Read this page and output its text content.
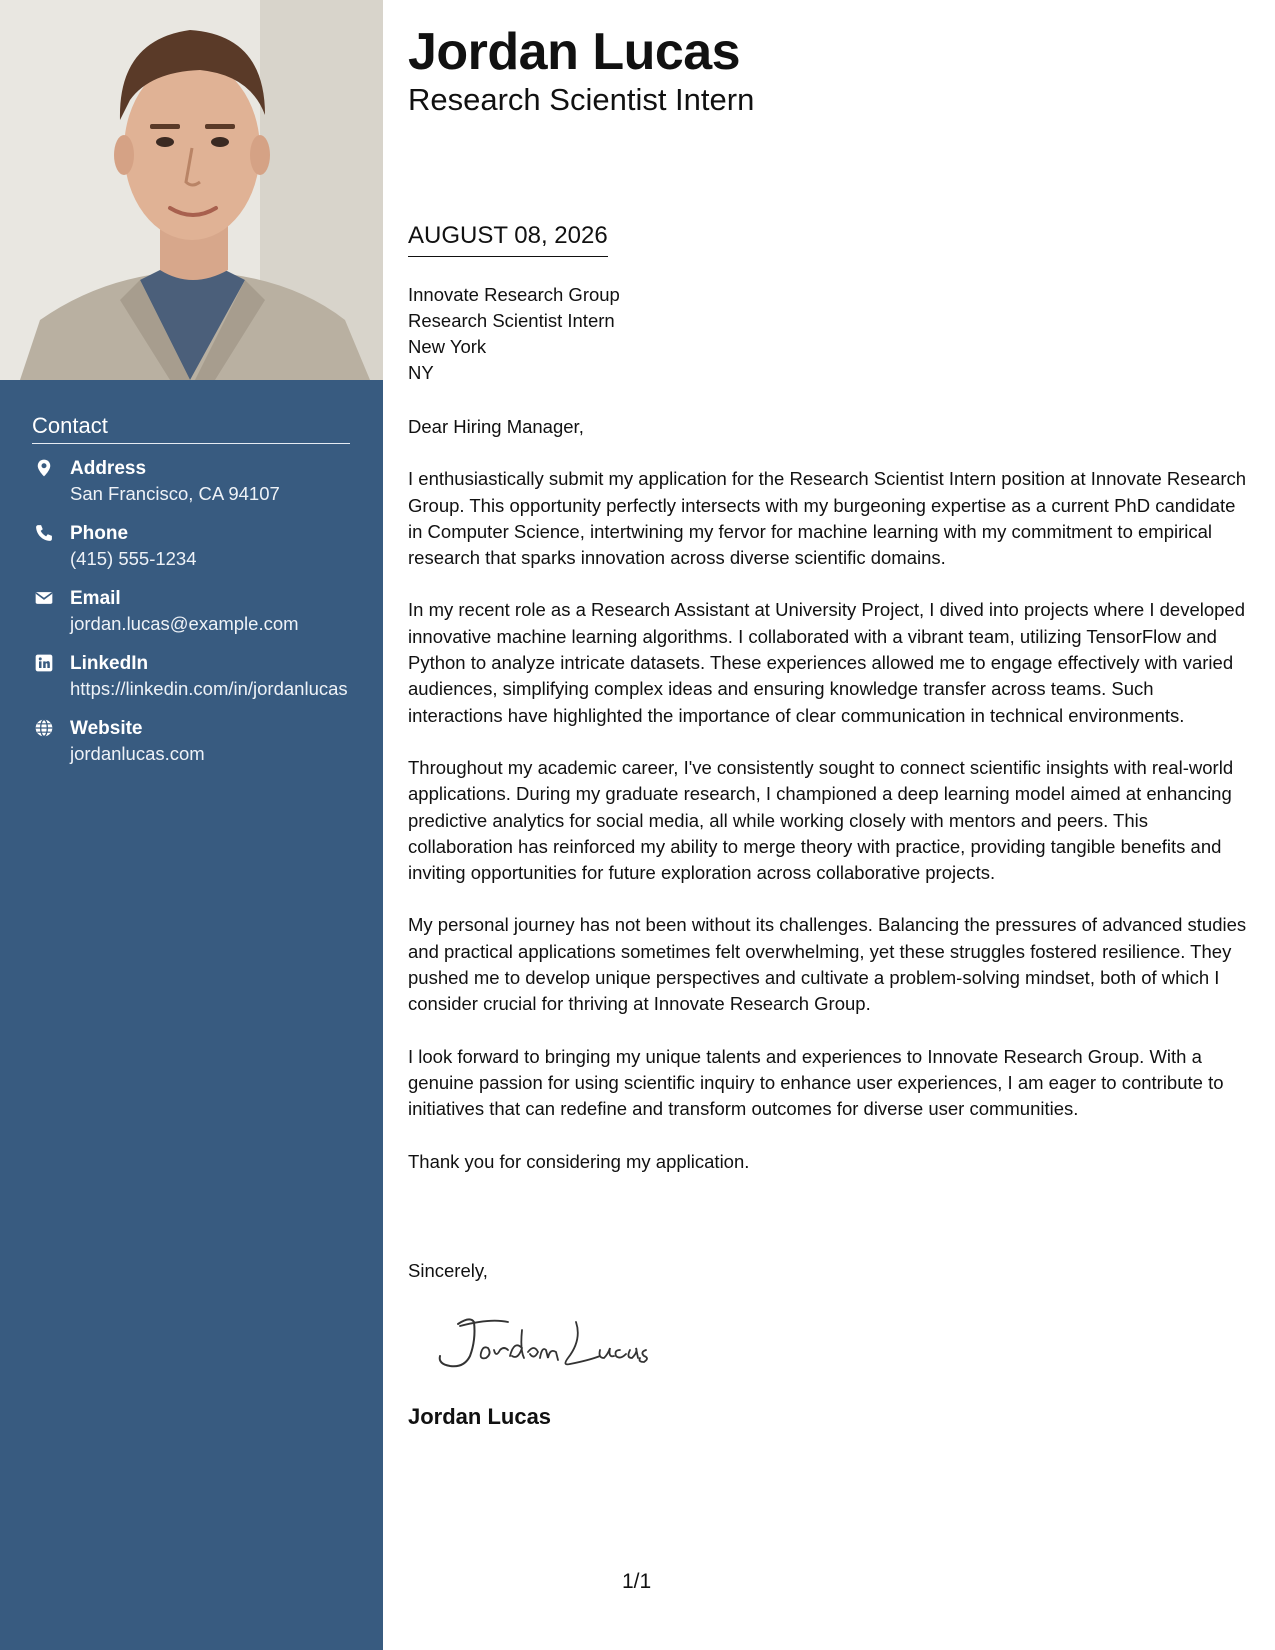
Contact
Address
San Francisco, CA 94107
Phone
(415) 555-1234
Email
jordan.lucas@example.com
LinkedIn
https://linkedin.com/in/jordanlucas
Website
jordanlucas.com
Jordan Lucas
Research Scientist Intern
AUGUST 08, 2026
Innovate Research Group
Research Scientist Intern
New York
NY

Dear Hiring Manager,

I enthusiastically submit my application for the Research Scientist Intern position at Innovate Research Group. This opportunity perfectly intersects with my burgeoning expertise as a current PhD candidate in Computer Science, intertwining my fervor for machine learning with my commitment to empirical research that sparks innovation across diverse scientific domains.

In my recent role as a Research Assistant at University Project, I dived into projects where I developed innovative machine learning algorithms. I collaborated with a vibrant team, utilizing TensorFlow and Python to analyze intricate datasets. These experiences allowed me to engage effectively with varied audiences, simplifying complex ideas and ensuring knowledge transfer across teams. Such interactions have highlighted the importance of clear communication in technical environments.

Throughout my academic career, I've consistently sought to connect scientific insights with real-world applications. During my graduate research, I championed a deep learning model aimed at enhancing predictive analytics for social media, all while working closely with mentors and peers. This collaboration has reinforced my ability to merge theory with practice, providing tangible benefits and inviting opportunities for future exploration across collaborative projects.

My personal journey has not been without its challenges. Balancing the pressures of advanced studies and practical applications sometimes felt overwhelming, yet these struggles fostered resilience. They pushed me to develop unique perspectives and cultivate a problem-solving mindset, both of which I consider crucial for thriving at Innovate Research Group.

I look forward to bringing my unique talents and experiences to Innovate Research Group. With a genuine passion for using scientific inquiry to enhance user experiences, I am eager to contribute to initiatives that can redefine and transform outcomes for diverse user communities.

Thank you for considering my application.

Sincerely,
Jordan Lucas
1/1
